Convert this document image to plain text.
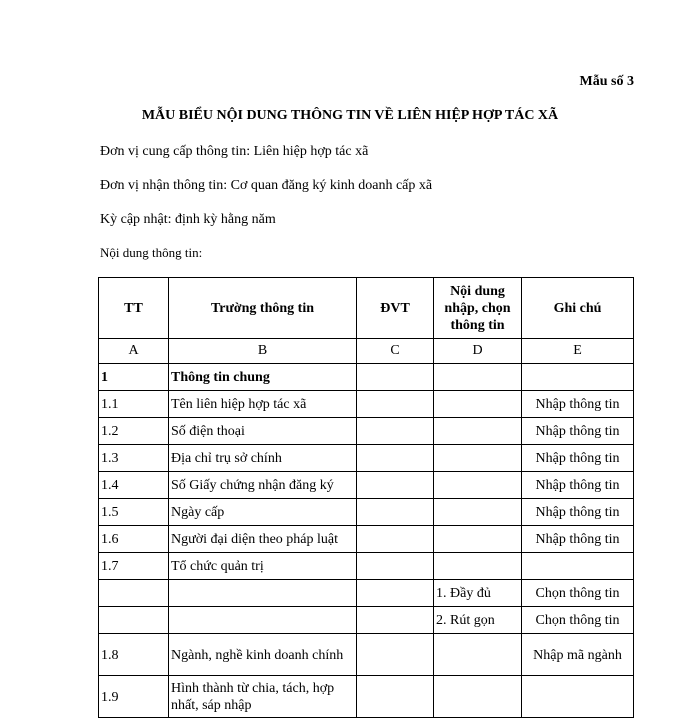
Mẫu số 3
MẪU BIỂU NỘI DUNG THÔNG TIN VỀ LIÊN HIỆP HỢP TÁC XÃ
Đơn vị cung cấp thông tin: Liên hiệp hợp tác xã
Đơn vị nhận thông tin: Cơ quan đăng ký kinh doanh cấp xã
Kỳ cập nhật: định kỳ hằng năm
Nội dung thông tin:
TT	Trường thông tin	ĐVT	Nội dung nhập, chọn thông tin	Ghi chú
A	B	C	D	E
1	Thông tin chung			
1.1	Tên liên hiệp hợp tác xã			Nhập thông tin
1.2	Số điện thoại			Nhập thông tin
1.3	Địa chỉ trụ sở chính			Nhập thông tin
1.4	Số Giấy chứng nhận đăng ký			Nhập thông tin
1.5	Ngày cấp			Nhập thông tin
1.6	Người đại diện theo pháp luật			Nhập thông tin
1.7	Tổ chức quản trị			
			1. Đầy đủ	Chọn thông tin
			2. Rút gọn	Chọn thông tin
1.8	Ngành, nghề kinh doanh chính			Nhập mã ngành
1.9	Hình thành từ chia, tách, hợp nhất, sáp nhập			
